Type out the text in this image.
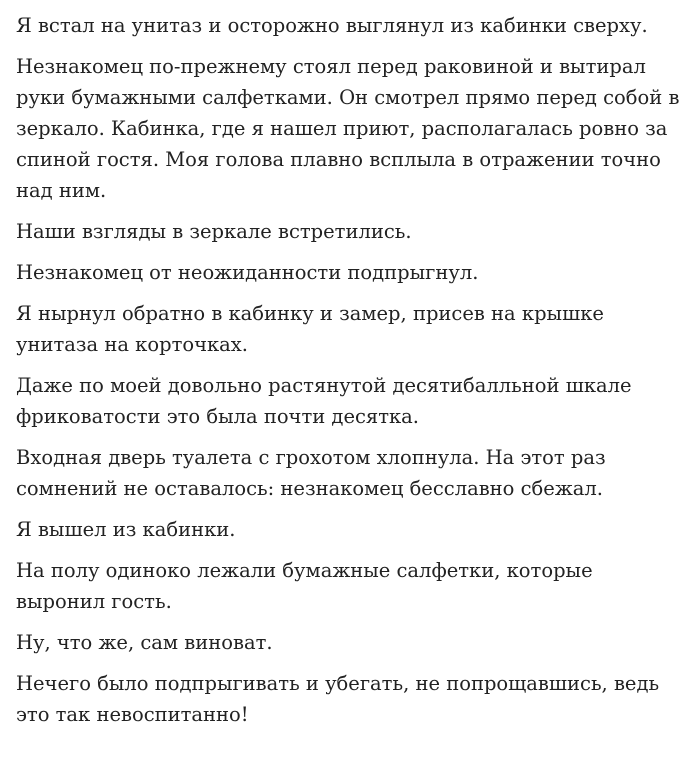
Я встал на унитаз и осторожно выглянул из кабинки сверху.

Незнакомец по-прежнему стоял перед раковиной и вытирал руки бумажными салфетками. Он смотрел прямо перед собой в зеркало. Кабинка, где я нашел приют, располагалась ровно за спиной гостя. Моя голова плавно всплыла в отражении точно над ним.

Наши взгляды в зеркале встретились.

Незнакомец от неожиданности подпрыгнул.

Я нырнул обратно в кабинку и замер, присев на крышке унитаза на корточках.

Даже по моей довольно растянутой десятибалльной шкале фриковатости это была почти десятка.

Входная дверь туалета с грохотом хлопнула. На этот раз сомнений не оставалось: незнакомец бесславно сбежал.

Я вышел из кабинки.

На полу одиноко лежали бумажные салфетки, которые выронил гость.

Ну, что же, сам виноват.

Нечего было подпрыгивать и убегать, не попрощавшись, ведь это так невоспитанно!
